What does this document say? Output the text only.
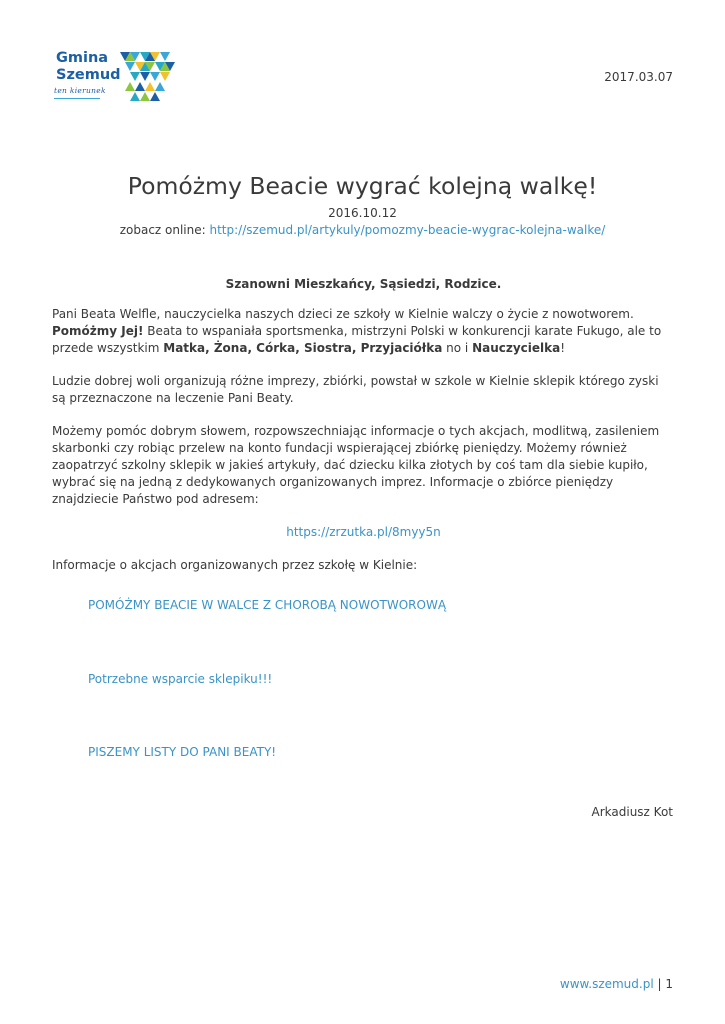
Gmina
Szemud
ten kierunek
2017.03.07
Pomóżmy Beacie wygrać kolejną walkę!
2016.10.12
zobacz online: http://szemud.pl/artykuly/pomozmy-beacie-wygrac-kolejna-walke/

Szanowni Mieszkańcy, Sąsiedzi, Rodzice.

Pani Beata Welfle, nauczycielka naszych dzieci ze szkoły w Kielnie walczy o życie z nowotworem. Pomóżmy Jej! Beata to wspaniała sportsmenka, mistrzyni Polski w konkurencji karate Fukugo, ale to przede wszystkim Matka, Żona, Córka, Siostra, Przyjaciółka no i Nauczycielka!

Ludzie dobrej woli organizują różne imprezy, zbiórki, powstał w szkole w Kielnie sklepik którego zyski są przeznaczone na leczenie Pani Beaty.

Możemy pomóc dobrym słowem, rozpowszechniając informacje o tych akcjach, modlitwą, zasileniem skarbonki czy robiąc przelew na konto fundacji wspierającej zbiórkę pieniędzy. Możemy również zaopatrzyć szkolny sklepik w jakieś artykuły, dać dziecku kilka złotych by coś tam dla siebie kupiło, wybrać się na jedną z dedykowanych organizowanych imprez. Informacje o zbiórce pieniędzy znajdziecie Państwo pod adresem:

https://zrzutka.pl/8myy5n

Informacje o akcjach organizowanych przez szkołę w Kielnie:

POMÓŻMY BEACIE W WALCE Z CHOROBĄ NOWOTWOROWĄ
Potrzebne wsparcie sklepiku!!!
PISZEMY LISTY DO PANI BEATY!
Arkadiusz Kot
www.szemud.pl | 1
